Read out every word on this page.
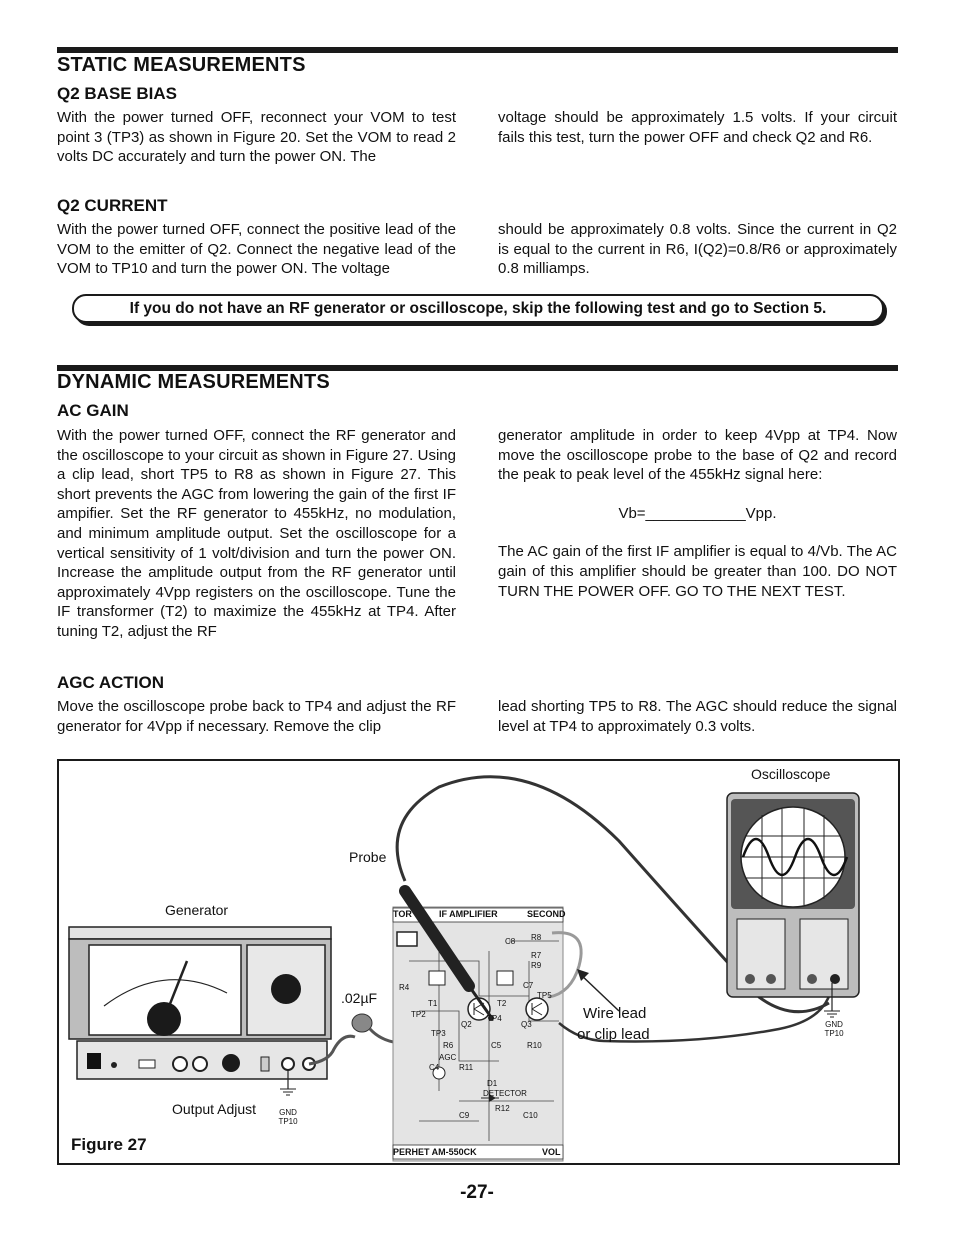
STATIC MEASUREMENTS
Q2 BASE BIAS

With the power turned OFF, reconnect your VOM to test point 3 (TP3) as shown in Figure 20. Set the VOM to read 2 volts DC accurately and turn the power ON. The

voltage should be approximately 1.5 volts. If your circuit fails this test, turn the power OFF and check Q2 and R6.

Q2 CURRENT

With the power turned OFF, connect the positive lead of the VOM to the emitter of Q2. Connect the negative lead of the VOM to TP10 and turn the power ON. The voltage

should be approximately 0.8 volts. Since the current in Q2 is equal to the current in R6, I(Q2)=0.8/R6 or approximately 0.8 milliamps.

If you do not have an RF generator or oscilloscope, skip the following test and go to Section 5.
DYNAMIC MEASUREMENTS
AC GAIN

With the power turned OFF, connect the RF generator and the oscilloscope to your circuit as shown in Figure 27. Using a clip lead, short TP5 to R8 as shown in Figure 27. This short prevents the AGC from lowering the gain of the first IF ampifier. Set the RF generator to 455kHz, no modulation, and minimum amplitude output. Set the oscilloscope for a vertical sensitivity of 1 volt/division and turn the power ON. Increase the amplitude output from the RF generator until approximately 4Vpp registers on the oscilloscope. Tune the IF transformer (T2) to maximize the 455kHz at TP4. After tuning T2, adjust the RF

generator amplitude in order to keep 4Vpp at TP4. Now move the oscilloscope probe to the base of Q2 and record the peak to peak level of the 455kHz signal here:

Vb=____________Vpp.

The AC gain of the first IF amplifier is equal to 4/Vb. The AC gain of this amplifier should be greater than 100. DO NOT TURN THE POWER OFF. GO TO THE NEXT TEST.

AGC ACTION

Move the oscilloscope probe back to TP4 and adjust the RF generator for 4Vpp if necessary. Remove the clip

lead shorting TP5 to R8. The AGC should reduce the signal level at TP4 to approximately 0.3 volts.

Oscilloscope
Probe
Generator
.02µF
Wire lead
or clip lead
Output Adjust	GND
TP10
GND
TP10
TOR	IF AMPLIFIER	SECOND
PERHET AM-550CK	VOL
T1	T2
TP2
TP3
TP4
TP5
Q2	Q3
R4
R6
R7
R8
R9
R10
R11
R12
C5
C7
C8
C9	C10
C4
D1
AGC
DETECTOR
Figure 27
-27-
